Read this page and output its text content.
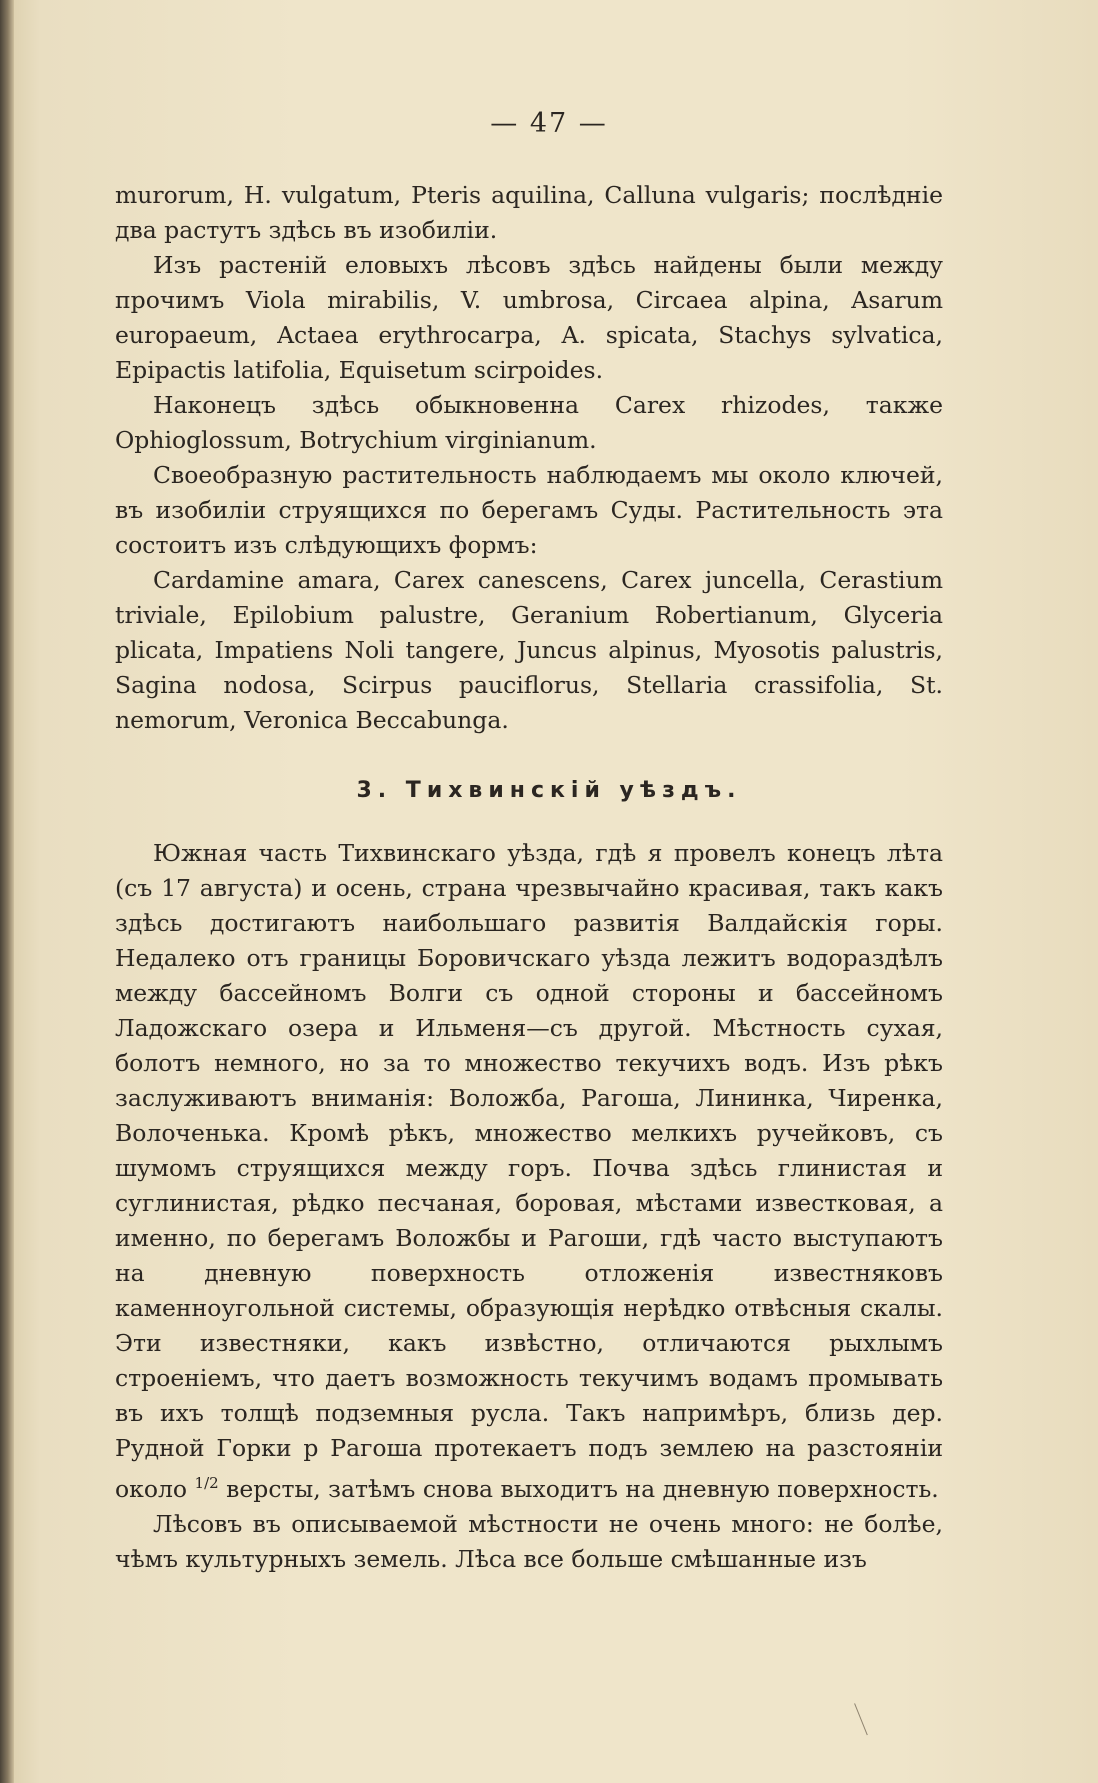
— 47 —

murorum, H. vulgatum, Pteris aquilina, Calluna vulgaris; послѣдніе два растутъ здѣсь въ изобиліи.

Изъ растеній еловыхъ лѣсовъ здѣсь найдены были между прочимъ Viola mirabilis, V. umbrosa, Circaea alpina, Asarum europaeum, Actaea erythrocarpa, A. spicata, Stachys sylvatica, Epipactis latifolia, Equisetum scirpoides.

Наконецъ здѣсь обыкновенна Carex rhizodes, также Ophioglossum, Botrychium virginianum.

Своеобразную растительность наблюдаемъ мы около ключей, въ изобиліи струящихся по берегамъ Суды. Растительность эта состоитъ изъ слѣдующихъ формъ:

Cardamine amara, Carex canescens, Carex juncella, Cerastium triviale, Epilobium palustre, Geranium Robertianum, Glyceria plicata, Impatiens Noli tangere, Juncus alpinus, Myosotis palustris, Sagina nodosa, Scirpus pauciflorus, Stellaria crassifolia, St. nemorum, Veronica Beccabunga.

3. Тихвинскій уѣздъ.

Южная часть Тихвинскаго уѣзда, гдѣ я провелъ конецъ лѣта (съ 17 августа) и осень, страна чрезвычайно красивая, такъ какъ здѣсь достигаютъ наибольшаго развитія Валдайскія горы. Недалеко отъ границы Боровичскаго уѣзда лежитъ водораздѣлъ между бассейномъ Волги съ одной стороны и бассейномъ Ладожскаго озера и Ильменя—съ другой. Мѣстность сухая, болотъ немного, но за то множество текучихъ водъ. Изъ рѣкъ заслуживаютъ вниманія: Воложба, Рагоша, Лининка, Чиренка, Волоченька. Кромѣ рѣкъ, множество мелкихъ ручейковъ, съ шумомъ струящихся между горъ. Почва здѣсь глинистая и суглинистая, рѣдко песчаная, боровая, мѣстами известковая, а именно, по берегамъ Воложбы и Рагоши, гдѣ часто выступаютъ на дневную поверхность отложенія известняковъ каменноугольной системы, образующія нерѣдко отвѣсныя скалы. Эти известняки, какъ извѣстно, отличаются рыхлымъ строеніемъ, что даетъ возможность текучимъ водамъ промывать въ ихъ толщѣ подземныя русла. Такъ напримѣръ, близь дер. Рудной Горки р Рагоша протекаетъ подъ землею на разстояніи около $^{1/2}$ версты, затѣмъ снова выходитъ на дневную поверхность.

Лѣсовъ въ описываемой мѣстности не очень много: не болѣе, чѣмъ культурныхъ земель. Лѣса все больше смѣшанные изъ
